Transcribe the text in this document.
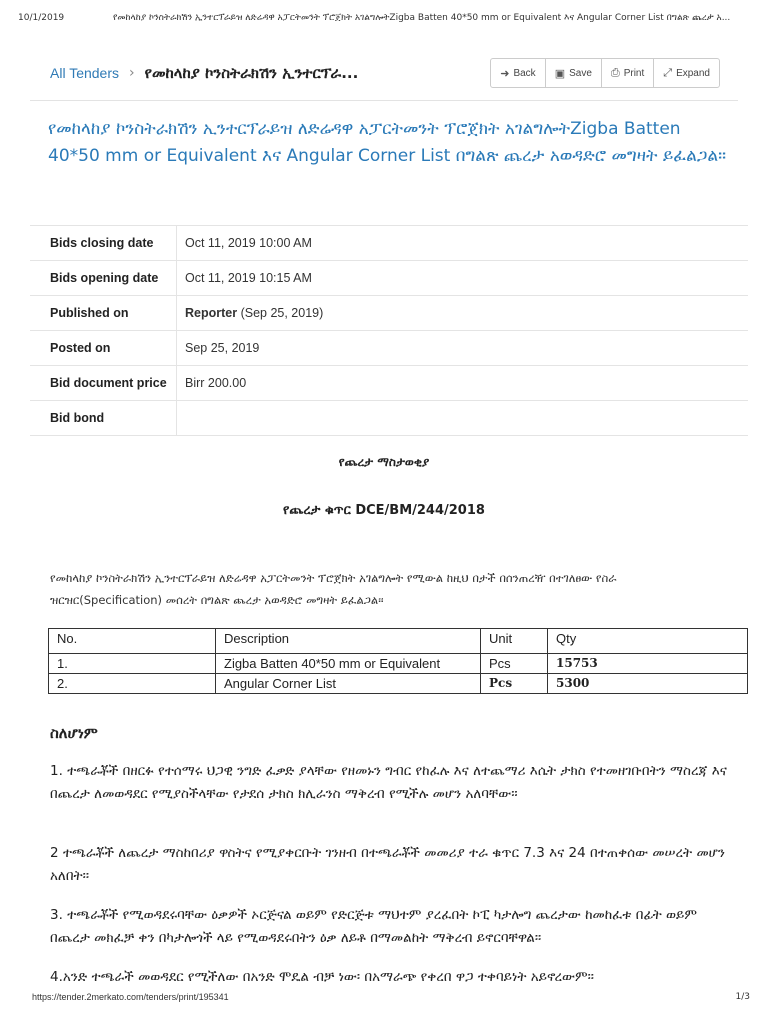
10/1/2019	የመከላከያ ኮንስትራክሽን ኢንተርፕራይዝ ለድሬዳዋ አፓርትመንት ፕሮጀክት አገልግሎትZigba Batten 40*50 mm or Equivalent እና Angular Corner List በግልጽ ጨረታ አ...
All Tenders › የመከላከያ ኮንስትራክሽን ኢንተርፕራ...	➜ Back ▣ Save ⎙ Print ⤢ Expand
የመከላከያ ኮንስትራክሽን ኢንተርፕራይዝ ለድሬዳዋ አፓርትመንት ፕሮጀክት አገልግሎትZigba Batten 40*50 mm or Equivalent እና Angular Corner List በግልጽ ጨረታ አወዳድሮ መግዛት ይፈልጋል።
Bids closing date	Oct 11, 2019 10:00 AM
Bids opening date	Oct 11, 2019 10:15 AM
Published on	Reporter (Sep 25, 2019)
Posted on	Sep 25, 2019
Bid document price	Birr 200.00
Bid bond	
የጨረታ ማስታወቂያ
የጨረታ ቁጥር DCE/BM/244/2018

የመከላከያ ኮንስትራክሽን ኢንተርፕራይዝ ለድሬዳዋ አፓርትመንት ፕሮጀክት አገልግሎት የሚውል ከዚህ በታች በሰንጠረዥ በተገለፀው የስራ ዝርዝር(Specification) መሰረት በግልጽ ጨረታ አወዳድሮ መግዛት ይፈልጋል፡፡

No.	Description	Unit	Qty
1.	Zigba Batten 40*50 mm or Equivalent	Pcs	15753
2.	Angular Corner List	Pcs	5300

ስለሆነም

1. ተጫራቾች በዘርፉ የተሰማሩ ህጋዊ ንግድ ፈቃድ ያላቸው የዘመኑን ግብር የከፈሉ እና ለተጨማሪ እሴት ታክስ የተመዘገቡበትን ማስረጃ እና በጨረታ ለመወዳደር የሚያስችላቸው የታደሰ ታክስ ክሊራንስ ማቅረብ የሚችሉ መሆን አለባቸው፡፡

2 ተጫራቾች ለጨረታ ማስከበሪያ ዋስትና የሚያቀርቡት ገንዘብ በተጫራቾች መመሪያ ተራ ቁጥር 7.3 እና 24 በተጠቀሰው መሠረት መሆን አለበት፡፡

3. ተጫራቾች የሚወዳደሩባቸው ዕቃዎች ኦርጅናል ወይም የድርጅቱ ማህተም ያረፈበት ኮፒ ካታሎግ ጨረታው ከመከፈቱ በፊት ወይም በጨረታ መክፈቻ ቀን በካታሎጎች ላይ የሚወዳደሩበትን ዕቃ ለይቶ በማመልከት ማቅረብ ይኖርባቸዋል፡፡

4.አንድ ተጫራች መወዳደር የሚችለው በአንድ ሞዴል ብቻ ነው፡ በአማራጭ የቀረበ ዋጋ ተቀባይነት አይኖረውም፡፡

https://tender.2merkato.com/tenders/print/195341	1/3
